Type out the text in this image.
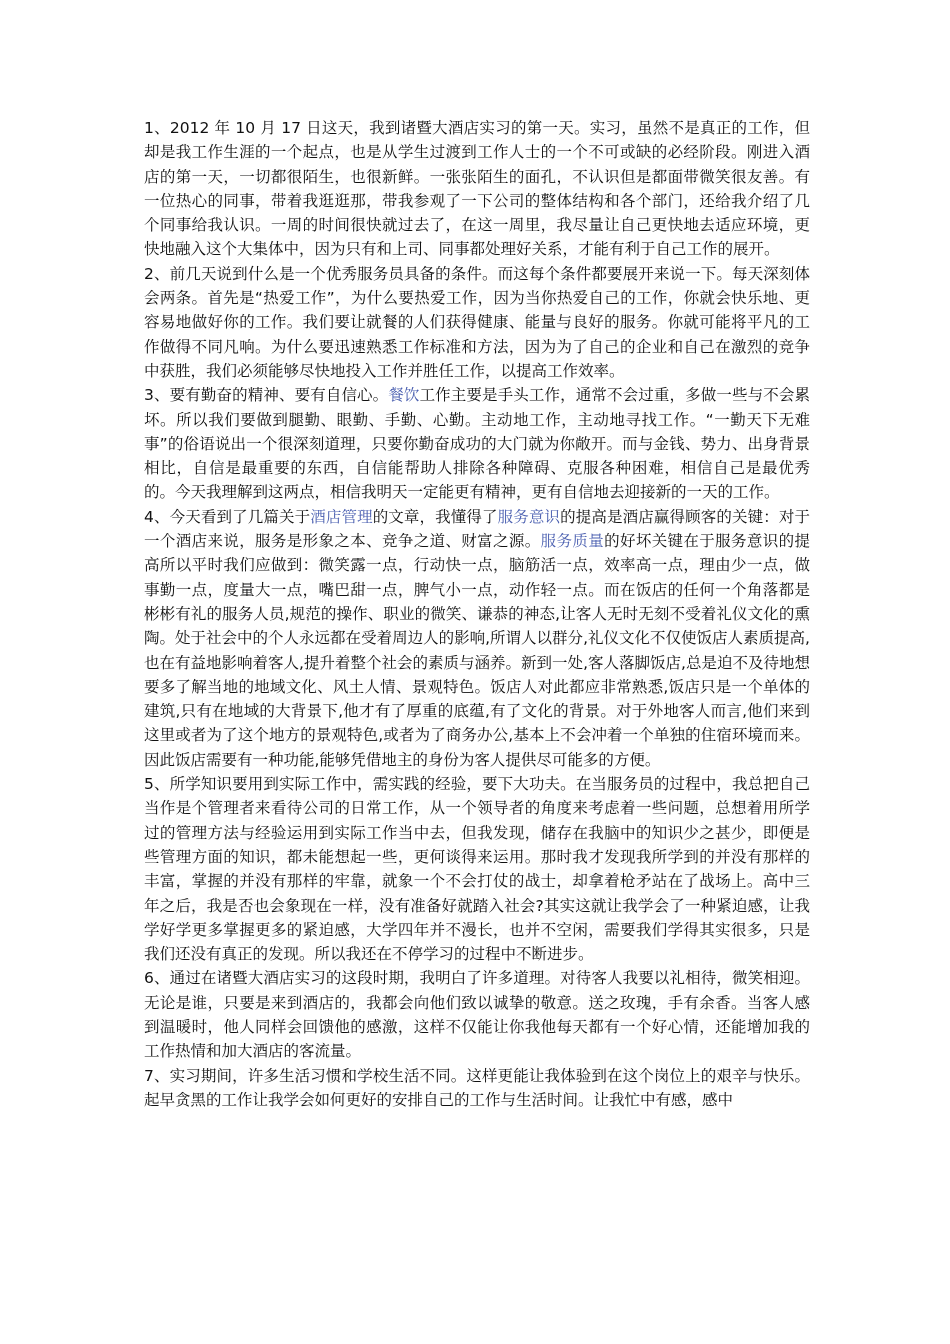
1、2012 年 10 月 17 日这天，我到诸暨大酒店实习的第一天。实习，虽然不是真正的工作，但却是我工作生涯的一个起点，也是从学生过渡到工作人士的一个不可或缺的必经阶段。刚进入酒店的第一天，一切都很陌生，也很新鲜。一张张陌生的面孔，不认识但是都面带微笑很友善。有一位热心的同事，带着我逛逛那，带我参观了一下公司的整体结构和各个部门，还给我介绍了几个同事给我认识。一周的时间很快就过去了，在这一周里，我尽量让自己更快地去适应环境，更快地融入这个大集体中，因为只有和上司、同事都处理好关系，才能有利于自己工作的展开。

2、前几天说到什么是一个优秀服务员具备的条件。而这每个条件都要展开来说一下。每天深刻体会两条。首先是“热爱工作”，为什么要热爱工作，因为当你热爱自己的工作，你就会快乐地、更容易地做好你的工作。我们要让就餐的人们获得健康、能量与良好的服务。你就可能将平凡的工作做得不同凡响。为什么要迅速熟悉工作标准和方法，因为为了自己的企业和自己在激烈的竞争中获胜，我们必须能够尽快地投入工作并胜任工作，以提高工作效率。

3、要有勤奋的精神、要有自信心。餐饮工作主要是手头工作，通常不会过重，多做一些与不会累坏。所以我们要做到腿勤、眼勤、手勤、心勤。主动地工作，主动地寻找工作。“一勤天下无难事”的俗语说出一个很深刻道理，只要你勤奋成功的大门就为你敞开。而与金钱、势力、出身背景相比，自信是最重要的东西，自信能帮助人排除各种障碍、克服各种困难，相信自己是最优秀的。今天我理解到这两点，相信我明天一定能更有精神，更有自信地去迎接新的一天的工作。

4、今天看到了几篇关于酒店管理的文章，我懂得了服务意识的提高是酒店赢得顾客的关键：对于一个酒店来说，服务是形象之本、竞争之道、财富之源。服务质量的好坏关键在于服务意识的提高所以平时我们应做到：微笑露一点，行动快一点，脑筋活一点，效率高一点，理由少一点，做事勤一点，度量大一点，嘴巴甜一点，脾气小一点，动作轻一点。而在饭店的任何一个角落都是彬彬有礼的服务人员,规范的操作、职业的微笑、谦恭的神态,让客人无时无刻不受着礼仪文化的熏陶。处于社会中的个人永远都在受着周边人的影响,所谓人以群分,礼仪文化不仅使饭店人素质提高,也在有益地影响着客人,提升着整个社会的素质与涵养。新到一处,客人落脚饭店,总是迫不及待地想要多了解当地的地域文化、风土人情、景观特色。饭店人对此都应非常熟悉,饭店只是一个单体的建筑,只有在地域的大背景下,他才有了厚重的底蕴,有了文化的背景。对于外地客人而言,他们来到这里或者为了这个地方的景观特色,或者为了商务办公,基本上不会冲着一个单独的住宿环境而来。因此饭店需要有一种功能,能够凭借地主的身份为客人提供尽可能多的方便。

5、所学知识要用到实际工作中，需实践的经验，要下大功夫。在当服务员的过程中，我总把自己当作是个管理者来看待公司的日常工作，从一个领导者的角度来考虑着一些问题，总想着用所学过的管理方法与经验运用到实际工作当中去，但我发现，储存在我脑中的知识少之甚少，即便是些管理方面的知识，都未能想起一些，更何谈得来运用。那时我才发现我所学到的并没有那样的丰富，掌握的并没有那样的牢靠，就象一个不会打仗的战士，却拿着枪矛站在了战场上。高中三年之后，我是否也会象现在一样，没有准备好就踏入社会?其实这就让我学会了一种紧迫感，让我学好学更多掌握更多的紧迫感，大学四年并不漫长，也并不空闲，需要我们学得其实很多，只是我们还没有真正的发现。所以我还在不停学习的过程中不断进步。

6、通过在诸暨大酒店实习的这段时期，我明白了许多道理。对待客人我要以礼相待，微笑相迎。无论是谁，只要是来到酒店的，我都会向他们致以诚挚的敬意。送之玫瑰，手有余香。当客人感到温暖时，他人同样会回馈他的感激，这样不仅能让你我他每天都有一个好心情，还能增加我的工作热情和加大酒店的客流量。

7、实习期间，许多生活习惯和学校生活不同。这样更能让我体验到在这个岗位上的艰辛与快乐。起早贪黑的工作让我学会如何更好的安排自己的工作与生活时间。让我忙中有感，感中
